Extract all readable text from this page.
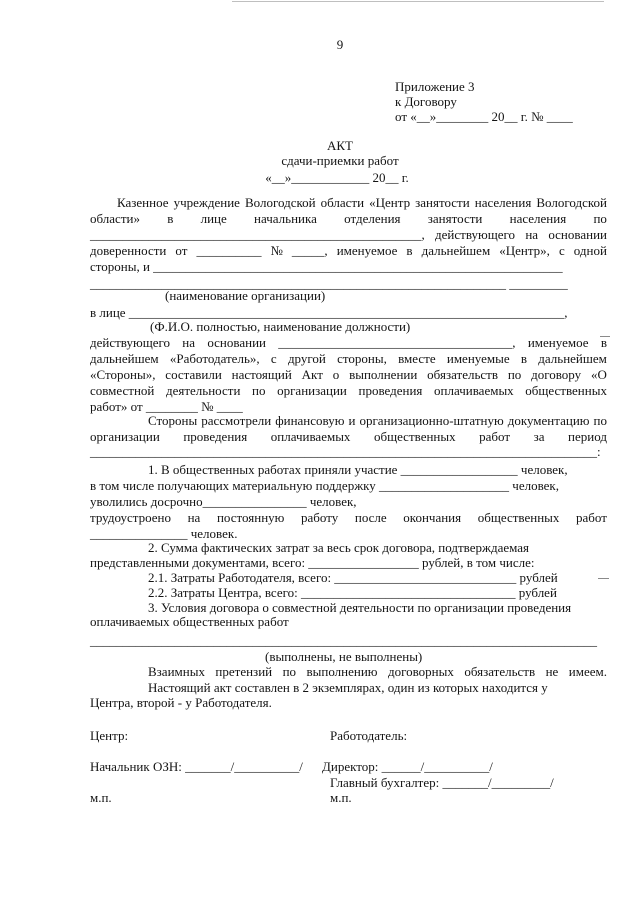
9
Приложение 3
к Договору
от «__»________ 20__ г. № ____
АКТ
сдачи-приемки работ
«__»____________ 20__ г.
Казенное учреждение Вологодской области «Центр занятости населения Вологодской
области» в лице начальника отделения занятости населения по
___________________________________________________, действующего на основании
доверенности от __________ № _____, именуемое в дальнейшем «Центр», с одной
стороны, и _______________________________________________________________
________________________________________________________________ _________
(наименование организации)
в лице ___________________________________________________________________,
(Ф.И.О. полностью, наименование должности)
действующего на основании ____________________________________, именуемое в
дальнейшем «Работодатель», с другой стороны, вместе именуемые в дальнейшем
«Стороны», составили настоящий Акт о выполнении обязательств по договору «О
совместной деятельности по организации проведения оплачиваемых общественных
работ» от ________ № ____
Стороны рассмотрели финансовую и организационно-штатную документацию по
организации проведения оплачиваемых общественных работ за период
______________________________________________________________________________:
1. В общественных работах приняли участие __________________ человек,
в том числе получающих материальную поддержку ____________________ человек,
уволились досрочно________________ человек,
трудоустроено на постоянную работу после окончания общественных работ
_______________ человек.
2. Сумма фактических затрат за весь срок договора, подтверждаемая
представленными документами, всего: _________________ рублей, в том числе:
2.1. Затраты Работодателя, всего: ____________________________ рублей
2.2. Затраты Центра, всего: _________________________________ рублей
3. Условия договора о совместной деятельности по организации проведения
оплачиваемых общественных работ
______________________________________________________________________________
(выполнены, не выполнены)
Взаимных претензий по выполнению договорных обязательств не имеем.
Настоящий акт составлен в 2 экземплярах, один из которых находится у
Центра, второй - у Работодателя.
Центр:
Начальник ОЗН: _______/__________/
м.п.
Работодатель:
Директор: ______/__________/
Главный бухгалтер: _______/_________/
м.п.
